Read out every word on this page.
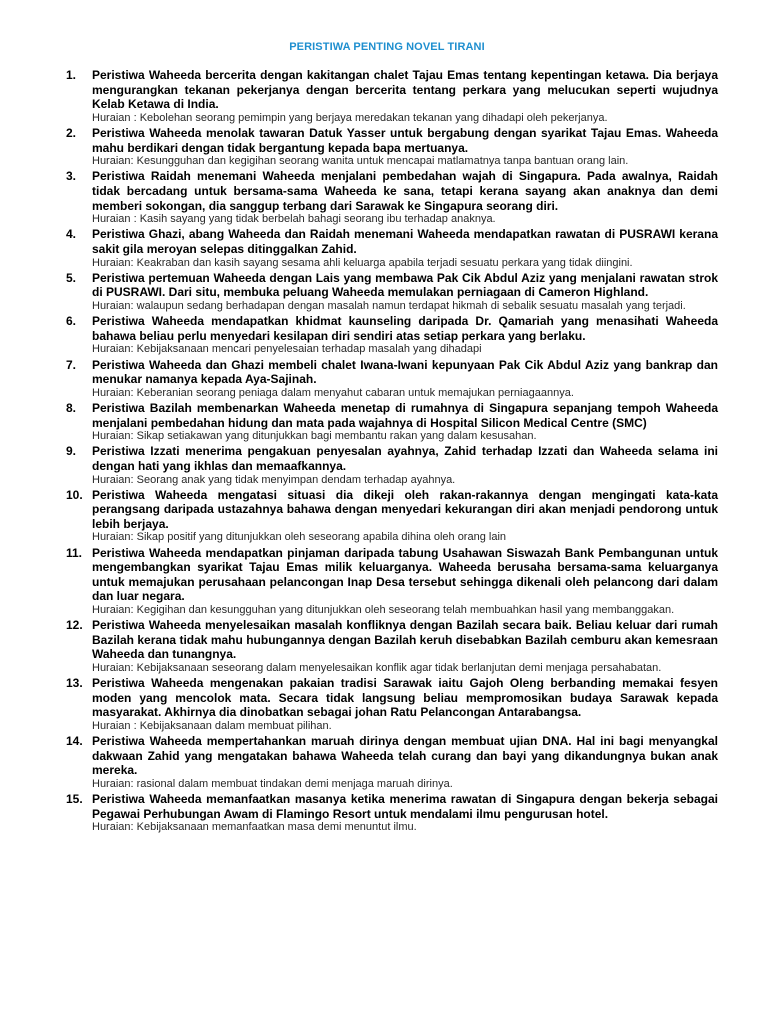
PERISTIWA PENTING NOVEL TIRANI
1.	Peristiwa Waheeda bercerita dengan kakitangan chalet Tajau Emas tentang kepentingan ketawa. Dia berjaya mengurangkan tekanan pekerjanya dengan bercerita tentang perkara yang melucukan seperti wujudnya Kelab Ketawa di India.

Huraian : Kebolehan seorang pemimpin yang berjaya meredakan tekanan yang dihadapi oleh pekerjanya.

2.	Peristiwa Waheeda menolak tawaran Datuk Yasser untuk bergabung dengan syarikat Tajau Emas. Waheeda mahu berdikari dengan tidak bergantung kepada bapa mertuanya.

Huraian: Kesungguhan dan kegigihan seorang wanita untuk mencapai matlamatnya tanpa bantuan orang lain.

3.	Peristiwa Raidah menemani Waheeda menjalani pembedahan wajah di Singapura. Pada awalnya, Raidah tidak bercadang untuk bersama-sama Waheeda ke sana, tetapi kerana sayang akan anaknya dan demi memberi sokongan, dia sanggup terbang dari Sarawak ke Singapura seorang diri.

Huraian : Kasih sayang yang tidak berbelah bahagi seorang ibu terhadap anaknya.

4.	Peristiwa Ghazi, abang Waheeda dan Raidah menemani Waheeda mendapatkan rawatan di PUSRAWI kerana sakit gila meroyan selepas ditinggalkan Zahid.

Huraian: Keakraban dan kasih sayang sesama ahli keluarga apabila terjadi sesuatu perkara yang tidak diingini.

5.	Peristiwa pertemuan Waheeda dengan Lais yang membawa Pak Cik Abdul Aziz yang menjalani rawatan strok di PUSRAWI. Dari situ, membuka peluang Waheeda memulakan perniagaan di Cameron Highland.

Huraian: walaupun sedang berhadapan dengan masalah namun terdapat hikmah di sebalik sesuatu masalah yang terjadi.

6.	Peristiwa Waheeda mendapatkan khidmat kaunseling daripada Dr. Qamariah yang menasihati Waheeda bahawa beliau perlu menyedari kesilapan diri sendiri atas setiap perkara yang berlaku.

Huraian: Kebijaksanaan mencari penyelesaian terhadap masalah yang dihadapi

7.	Peristiwa Waheeda dan Ghazi membeli chalet Iwana-Iwani kepunyaan Pak Cik Abdul Aziz yang bankrap dan menukar namanya kepada Aya-Sajinah.

Huraian: Keberanian seorang peniaga dalam menyahut cabaran untuk memajukan perniagaannya.

8.	Peristiwa Bazilah membenarkan Waheeda menetap di rumahnya di Singapura sepanjang tempoh Waheeda menjalani pembedahan hidung dan mata pada wajahnya di Hospital Silicon Medical Centre (SMC)

Huraian: Sikap setiakawan yang ditunjukkan bagi membantu rakan yang dalam kesusahan.

9.	Peristiwa Izzati menerima pengakuan penyesalan ayahnya, Zahid terhadap Izzati dan Waheeda selama ini dengan hati yang ikhlas dan memaafkannya.

Huraian: Seorang anak yang tidak menyimpan dendam terhadap ayahnya.

10. Peristiwa Waheeda mengatasi situasi dia dikeji oleh rakan-rakannya dengan mengingati kata-kata perangsang daripada ustazahnya bahawa dengan menyedari kekurangan diri akan menjadi pendorong untuk lebih berjaya.

Huraian: Sikap positif yang ditunjukkan oleh seseorang apabila dihina oleh orang lain

11. Peristiwa Waheeda mendapatkan pinjaman daripada tabung Usahawan Siswazah Bank Pembangunan untuk mengembangkan syarikat Tajau Emas milik keluarganya. Waheeda berusaha bersama-sama keluarganya untuk memajukan perusahaan pelancongan Inap Desa tersebut sehingga dikenali oleh pelancong dari dalam dan luar negara.

Huraian: Kegigihan dan kesungguhan yang ditunjukkan oleh seseorang telah membuahkan hasil yang membanggakan.

12. Peristiwa Waheeda menyelesaikan masalah konfliknya dengan Bazilah secara baik. Beliau keluar dari rumah Bazilah kerana tidak mahu hubungannya dengan Bazilah keruh disebabkan Bazilah cemburu akan kemesraan Waheeda dan tunangnya.

Huraian: Kebijaksanaan seseorang dalam menyelesaikan konflik agar tidak berlanjutan demi menjaga persahabatan.

13. Peristiwa Waheeda mengenakan pakaian tradisi Sarawak iaitu Gajoh Oleng berbanding memakai fesyen moden yang mencolok mata. Secara tidak langsung beliau mempromosikan budaya Sarawak kepada masyarakat. Akhirnya dia dinobatkan sebagai johan Ratu Pelancongan Antarabangsa.

Huraian : Kebijaksanaan dalam membuat pilihan.

14. Peristiwa Waheeda mempertahankan maruah dirinya dengan membuat ujian DNA. Hal ini bagi menyangkal dakwaan Zahid yang mengatakan bahawa Waheeda telah curang dan bayi yang dikandungnya bukan anak mereka.

Huraian: rasional dalam membuat tindakan demi menjaga maruah dirinya.

15. Peristiwa Waheeda memanfaatkan masanya ketika menerima rawatan di Singapura dengan bekerja sebagai Pegawai Perhubungan Awam di Flamingo Resort untuk mendalami ilmu pengurusan hotel.

Huraian: Kebijaksanaan memanfaatkan masa demi menuntut ilmu.
